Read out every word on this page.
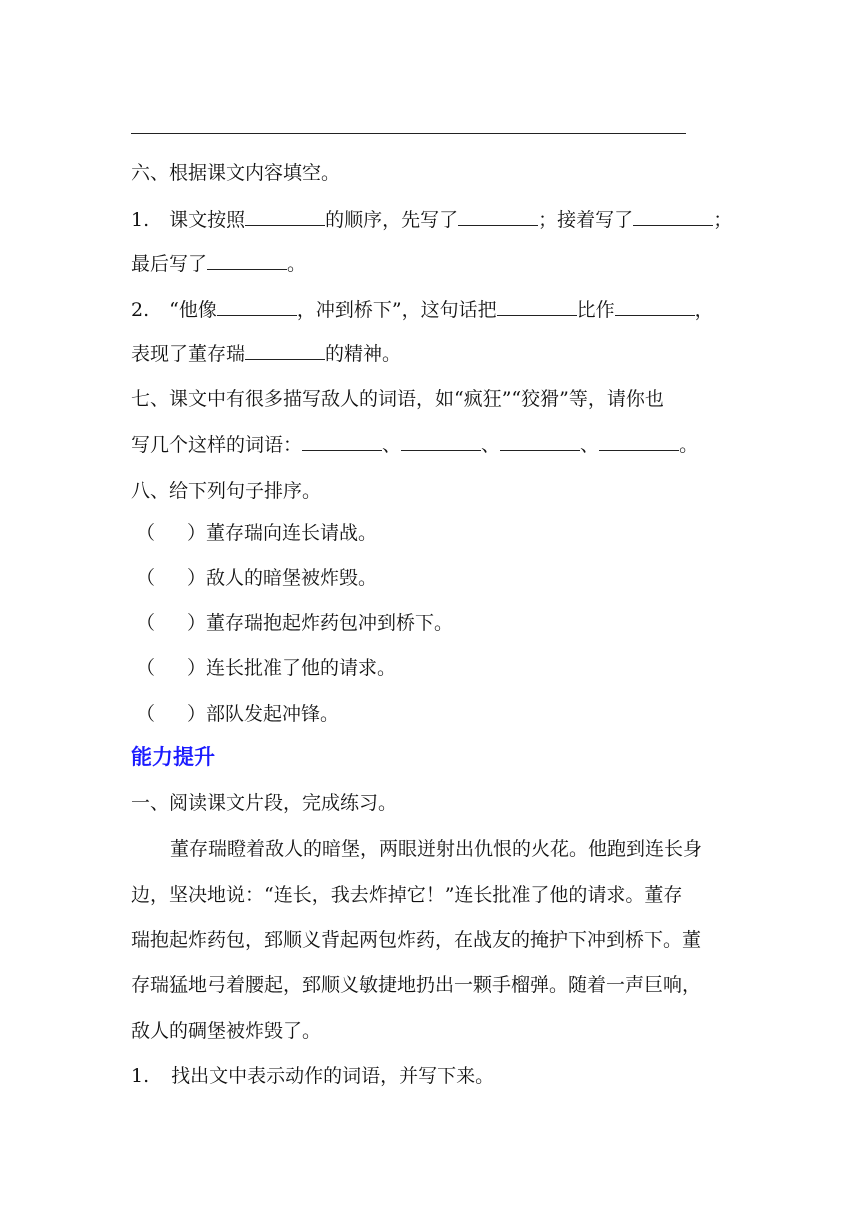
六、根据课文内容填空。
1. 课文按照	的顺序，先写了	；接着写了	；
最后写了	。
2. “他像	，冲到桥下”，这句话把	比作	，
表现了董存瑞	的精神。
七、课文中有很多描写敌人的词语，如“疯狂”“狡猾”等，请你也
写几个这样的词语：	、	、	、	。
八、给下列句子排序。
（ ）董存瑞向连长请战。
（ ）敌人的暗堡被炸毁。
（ ）董存瑞抱起炸药包冲到桥下。
（ ）连长批准了他的请求。
（ ）部队发起冲锋。
能力提升
一、阅读课文片段，完成练习。
董存瑞瞪着敌人的暗堡，两眼迸射出仇恨的火花。他跑到连长身
边，坚决地说：“连长，我去炸掉它！”连长批准了他的请求。董存
瑞抱起炸药包，郅顺义背起两包炸药，在战友的掩护下冲到桥下。董
存瑞猛地弓着腰起，郅顺义敏捷地扔出一颗手榴弹。随着一声巨响，
敌人的碉堡被炸毁了。
1. 找出文中表示动作的词语，并写下来。
